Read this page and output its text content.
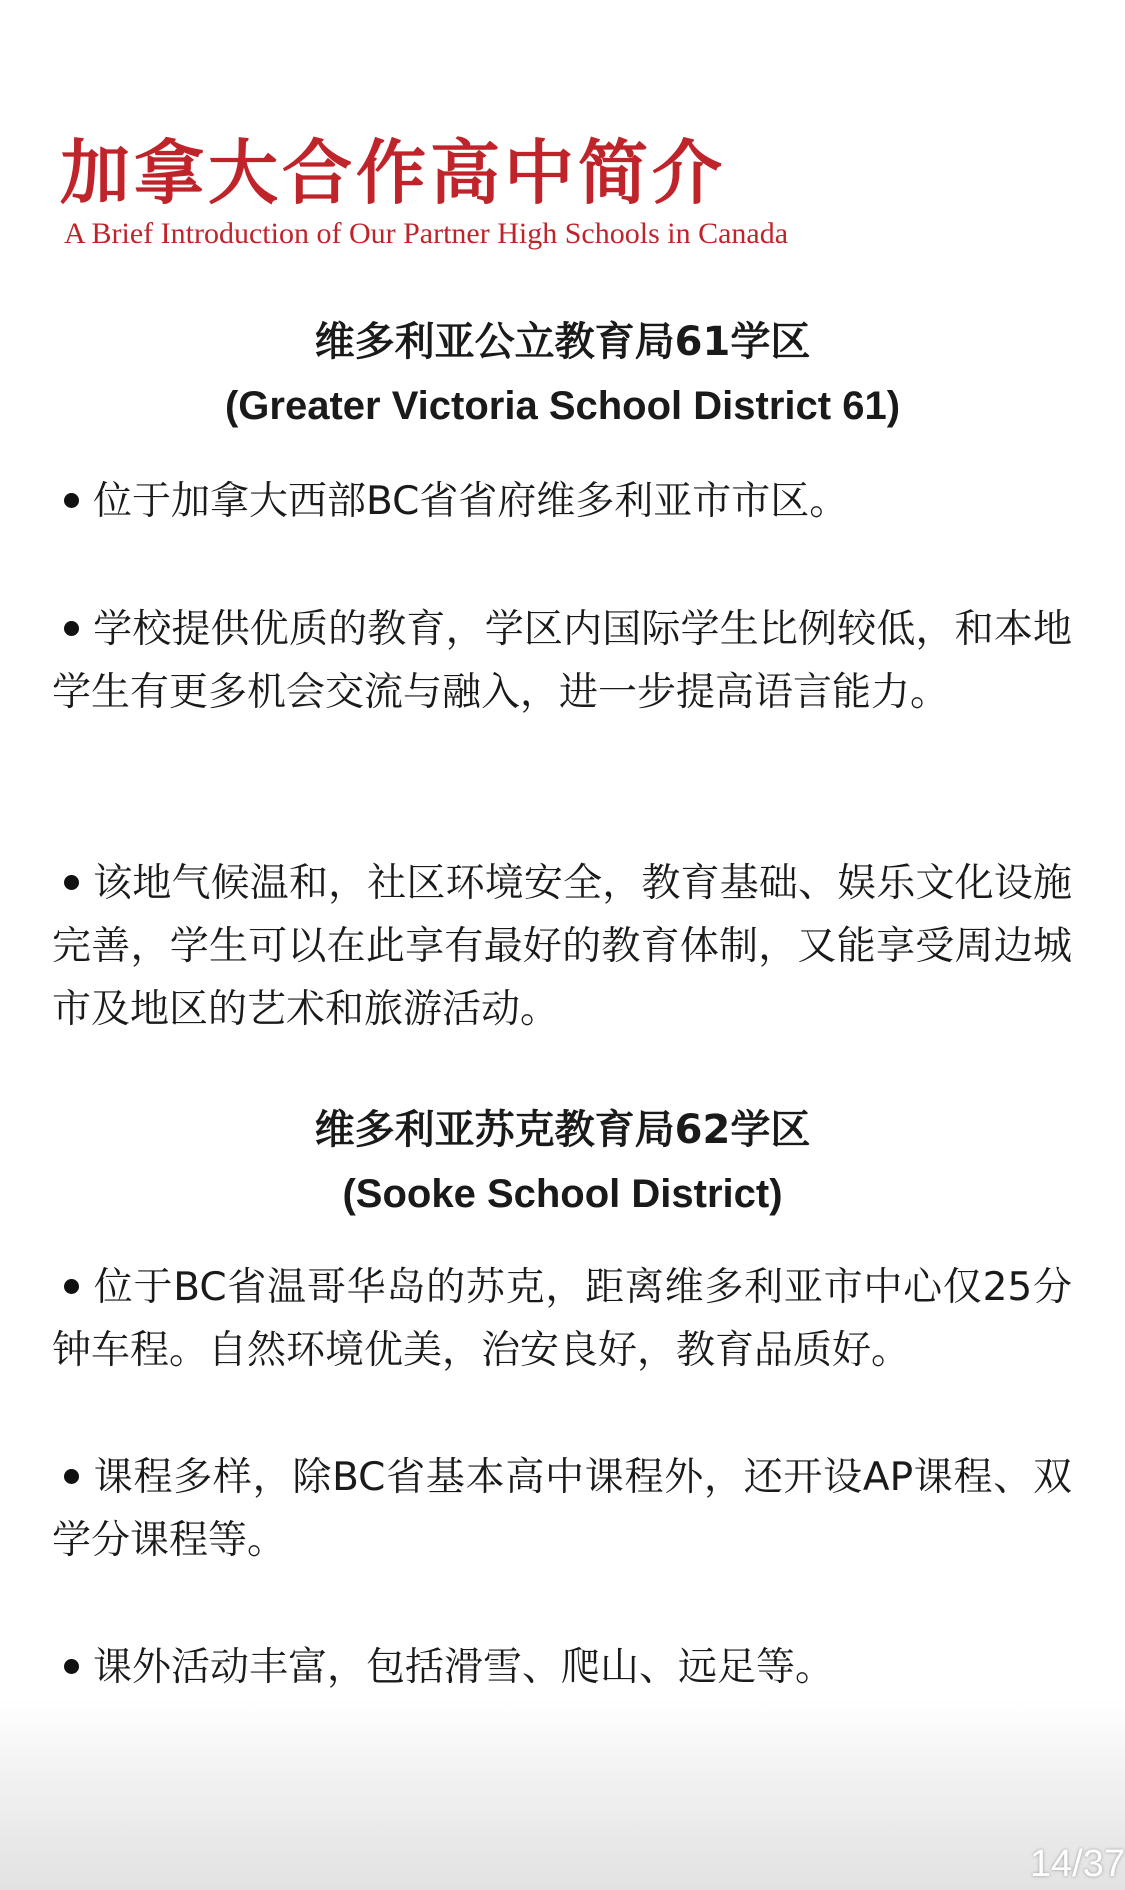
加拿大合作高中简介
A Brief Introduction of Our Partner High Schools in Canada
维多利亚公立教育局61学区
(Greater Victoria School District 61)

位于加拿大西部BC省省府维多利亚市市区。

学校提供优质的教育，学区内国际学生比例较低，和本地学生有更多机会交流与融入，进一步提高语言能力。

该地气候温和，社区环境安全，教育基础、娱乐文化设施完善，学生可以在此享有最好的教育体制，又能享受周边城市及地区的艺术和旅游活动。

维多利亚苏克教育局62学区
(Sooke School District)

位于BC省温哥华岛的苏克，距离维多利亚市中心仅25分钟车程。自然环境优美，治安良好，教育品质好。

课程多样，除BC省基本高中课程外，还开设AP课程、双学分课程等。

课外活动丰富，包括滑雪、爬山、远足等。

14/37
